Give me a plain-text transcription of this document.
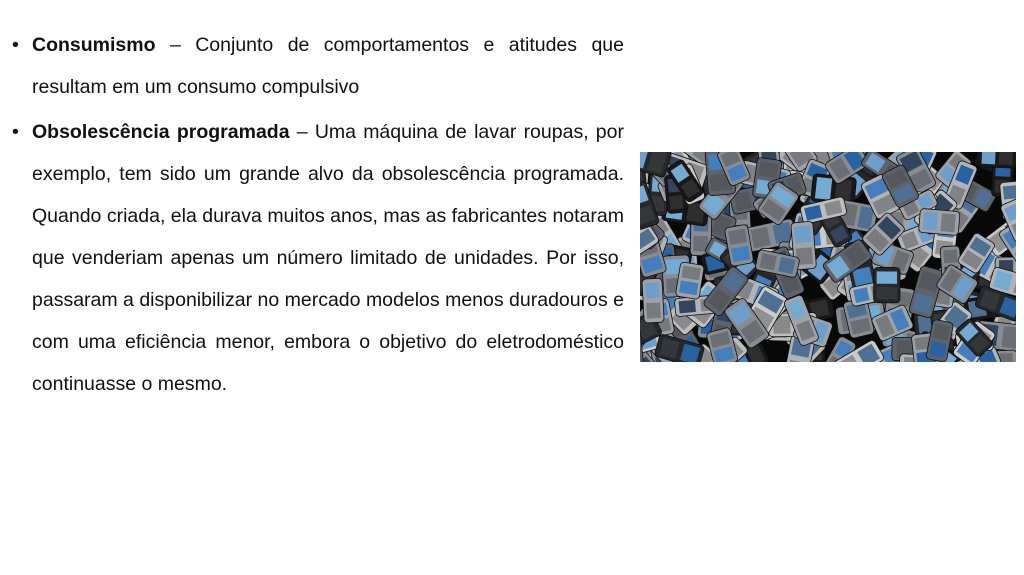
• Consumismo – Conjunto de comportamentos e atitudes que resultam em um consumo compulsivo
• Obsolescência programada – Uma máquina de lavar roupas, por exemplo, tem sido um grande alvo da obsolescência programada. Quando criada, ela durava muitos anos, mas as fabricantes notaram que venderiam apenas um número limitado de unidades. Por isso, passaram a disponibilizar no mercado modelos menos duradouros e com uma eficiência menor, embora o objetivo do eletrodoméstico continuasse o mesmo.
